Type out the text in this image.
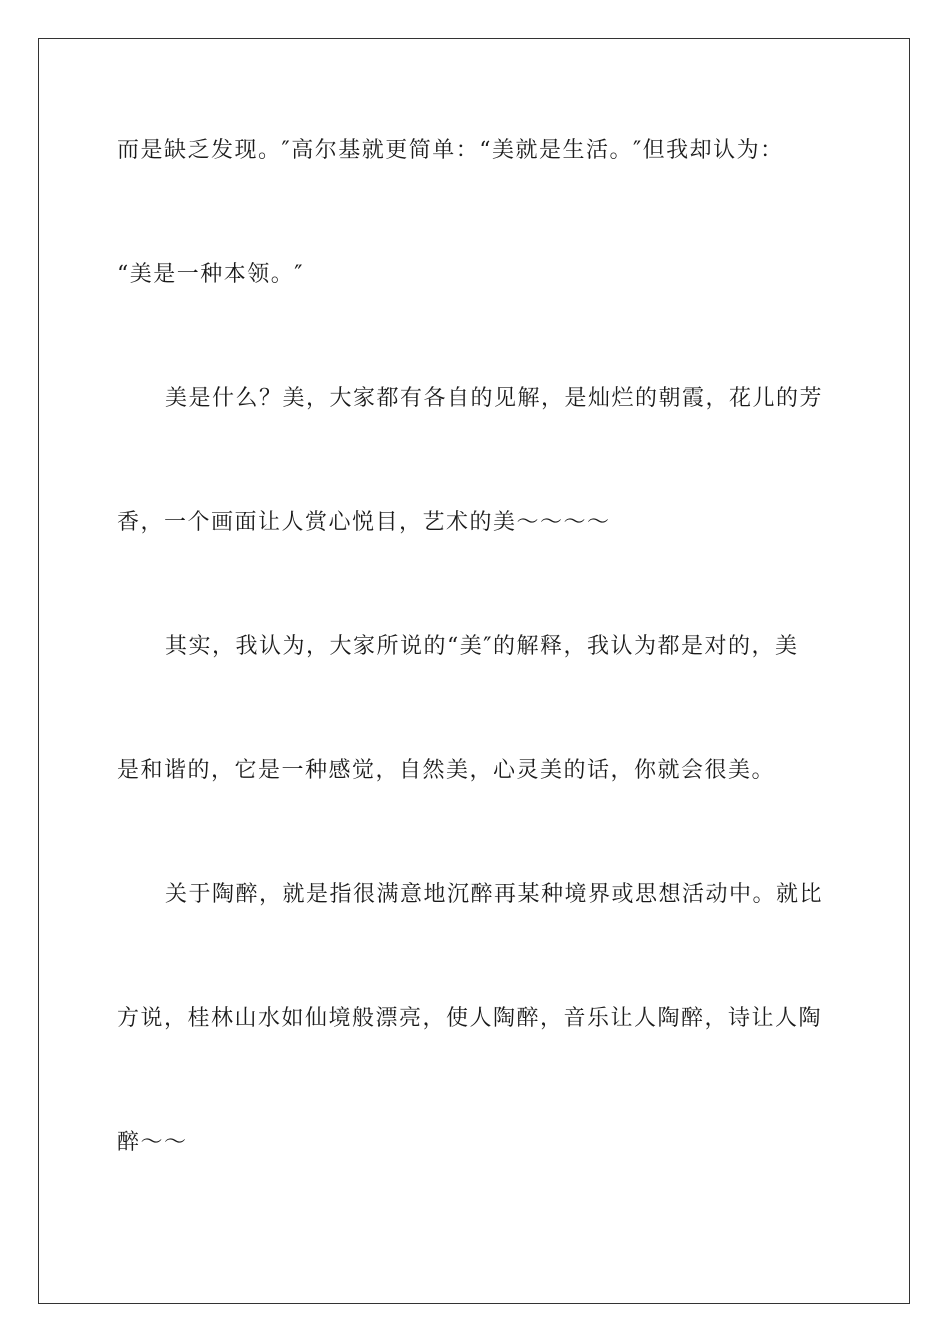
而是缺乏发现。″高尔基就更简单：“美就是生活。″但我却认为：
“美是一种本领。″
美是什么？美，大家都有各自的见解，是灿烂的朝霞，花儿的芳
香，一个画面让人赏心悦目，艺术的美～～～～
其实，我认为，大家所说的“美″的解释，我认为都是对的，美
是和谐的，它是一种感觉，自然美，心灵美的话，你就会很美。
关于陶醉，就是指很满意地沉醉再某种境界或思想活动中。就比
方说，桂林山水如仙境般漂亮，使人陶醉，音乐让人陶醉，诗让人陶
醉～～
